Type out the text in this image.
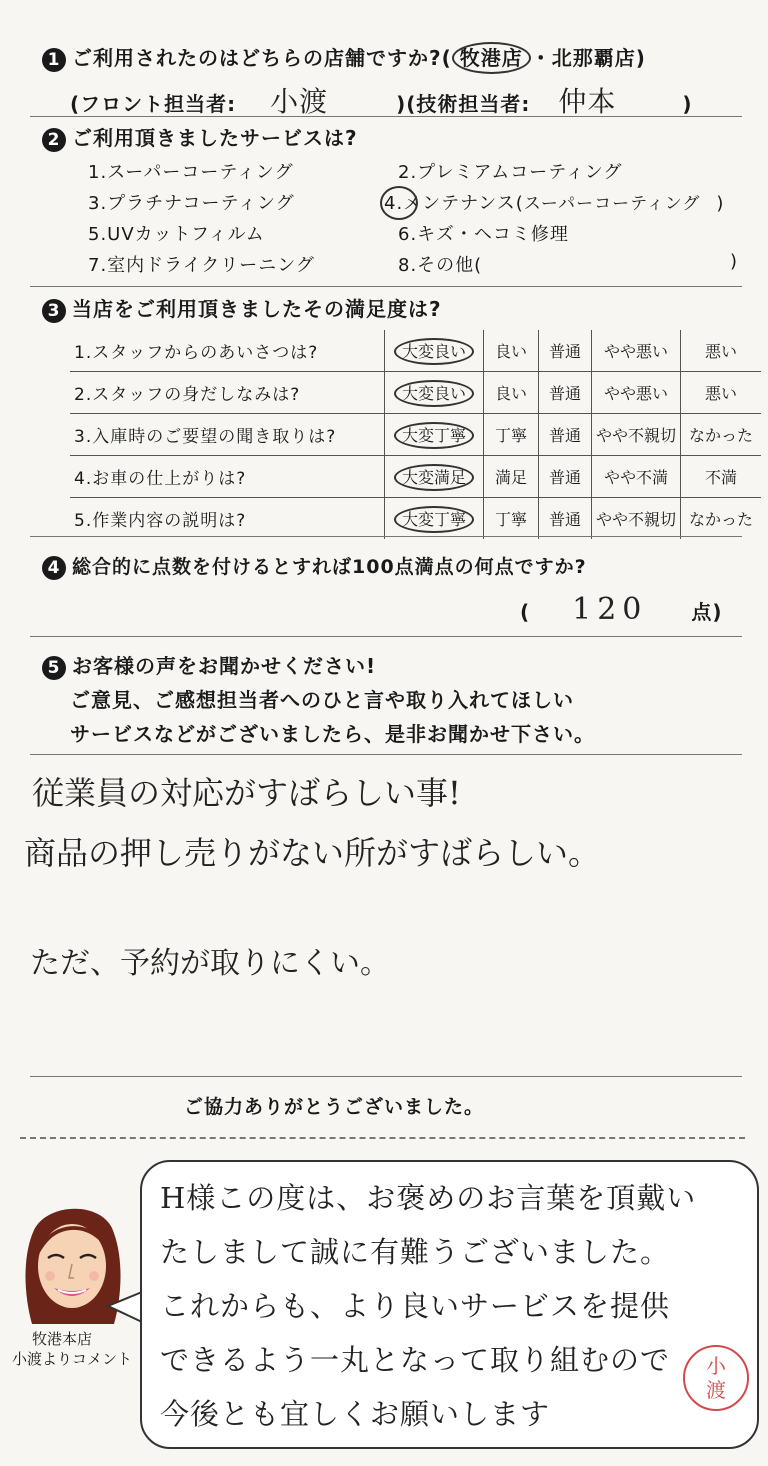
1 ご利用されたのはどちらの店舗ですか?( 牧港店 ・北那覇店)
(フロント担当者: 小渡	)(技術担当者: 仲本	)
2 ご利用頂きましたサービスは?
1.スーパーコーティング	2.プレミアムコーティング
3.プラチナコーティング	4.メンテナンス(スーパーコーティング )
5.UVカットフィルム	6.キズ・ヘコミ修理
7.室内ドライクリーニング	8.その他(	)
3 当店をご利用頂きましたその満足度は?
1.スタッフからのあいさつは?	大変良い	良い	普通	やや悪い	悪い
2.スタッフの身だしなみは?	大変良い	良い	普通	やや悪い	悪い
3.入庫時のご要望の聞き取りは?	大変丁寧	丁寧	普通	やや不親切	なかった
4.お車の仕上がりは?	大変満足	満足	普通	やや不満	不満
5.作業内容の説明は?	大変丁寧	丁寧	普通	やや不親切	なかった
4 総合的に点数を付けるとすれば100点満点の何点ですか?
( 120 点)
5 お客様の声をお聞かせください!
ご意見、ご感想担当者へのひと言や取り入れてほしい
サービスなどがございましたら、是非お聞かせ下さい。
従業員の対応がすばらしい事!
商品の押し売りがない所がすばらしい。
ただ、予約が取りにくい。
ご協力ありがとうございました。
牧港本店
小渡よりコメント
H様この度は、お褒めのお言葉を頂戴い
たしまして誠に有難うございました。
これからも、より良いサービスを提供
できるよう一丸となって取り組むので
今後とも宜しくお願いします
小
渡
